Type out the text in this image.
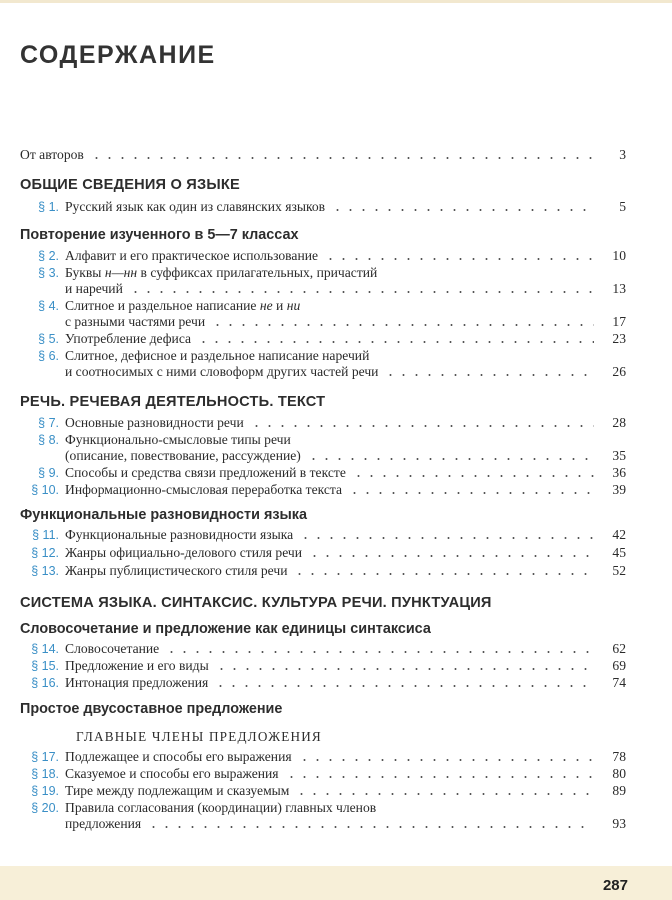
СОДЕРЖАНИЕ
От авторов	3
ОБЩИЕ СВЕДЕНИЯ О ЯЗЫКЕ
§ 1. Русский язык как один из славянских языков	5
Повторение изученного в 5—7 классах
§ 2. Алфавит и его практическое использование	10
§ 3. Буквы н—нн в суффиксах прилагательных, причастий
и наречий	13
§ 4. Слитное и раздельное написание не и ни
с разными частями речи	17
§ 5. Употребление дефиса	23
§ 6. Слитное, дефисное и раздельное написание наречий
и соотносимых с ними словоформ других частей речи	26
РЕЧЬ. РЕЧЕВАЯ ДЕЯТЕЛЬНОСТЬ. ТЕКСТ
§ 7. Основные разновидности речи	28
§ 8. Функционально-смысловые типы речи
(описание, повествование, рассуждение)	35
§ 9. Способы и средства связи предложений в тексте	36
§ 10. Информационно-смысловая переработка текста	39
Функциональные разновидности языка
§ 11. Функциональные разновидности языка	42
§ 12. Жанры официально-делового стиля речи	45
§ 13. Жанры публицистического стиля речи	52
СИСТЕМА ЯЗЫКА. СИНТАКСИС. КУЛЬТУРА РЕЧИ. ПУНКТУАЦИЯ
Словосочетание и предложение как единицы синтаксиса
§ 14. Словосочетание	62
§ 15. Предложение и его виды	69
§ 16. Интонация предложения	74
Простое двусоставное предложение
ГЛАВНЫЕ ЧЛЕНЫ ПРЕДЛОЖЕНИЯ
§ 17. Подлежащее и способы его выражения	78
§ 18. Сказуемое и способы его выражения	80
§ 19. Тире между подлежащим и сказуемым	89
§ 20. Правила согласования (координации) главных членов
предложения	93
287
